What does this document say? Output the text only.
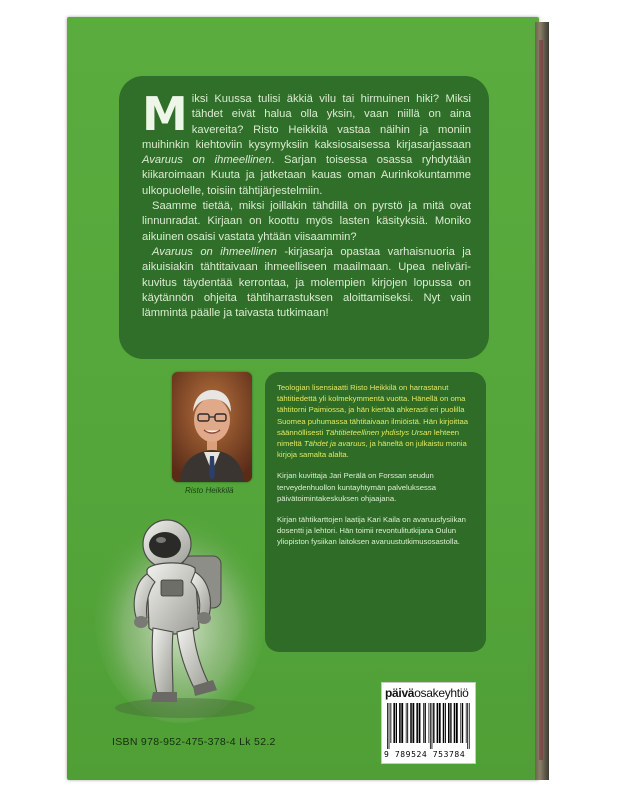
M iksi Kuussa tulisi äkkiä vilu tai hirmuinen hiki? Miksi tähdet eivät halua olla yksin, vaan niillä on aina kavereita? Risto Heikkilä vastaa näihin ja moniin muihinkin kiehtoviin kysymyksiin kaksiosaisessa kirjasarjassaan Avaruus on ihmeellinen. Sarjan toisessa osassa ryhdytään kiikaroimaan Kuuta ja jatketaan kauas oman Aurinkokuntamme ulkopuolelle, toisiin tähtijärjestelmiin.

Saamme tietää, miksi joillakin tähdillä on pyrstö ja mitä ovat linnunradat. Kirjaan on koottu myös lasten käsityksiä. Moniko aikuinen osaisi vastata yhtään viisaammin?

Avaruus on ihmeellinen -kirjasarja opastaa varhaisnuoria ja aikuisiakin tähtitaivaan ihmeelliseen maailmaan. Upea nelivärikuvitus täydentää kerrontaa, ja molempien kirjojen lopussa on käytännön ohjeita tähtiharrastuksen aloittamiseksi. Nyt vain lämmintä päälle ja taivasta tutkimaan!

Risto Heikkilä

Teologian lisensiaatti Risto Heikkilä on harrastanut tähtitiedettä yli kolmekymmentä vuotta. Hänellä on oma tähtitorni Paimiossa, ja hän kiertää ahkerasti eri puolilla Suomea puhumassa tähtitaivaan ilmiöistä. Hän kirjoittaa säännöllisesti Tähtitieteellinen yhdistys Ursan lehteen nimeltä Tähdet ja avaruus, ja häneltä on julkaistu monia kirjoja samalta alalta.

Kirjan kuvittaja Jari Perälä on Forssan seudun terveydenhuollon kuntayhtymän palveluksessa päivätoimintakeskuksen ohjaajana.

Kirjan tähtikarttojen laatija Kari Kaila on avaruusfysiikan dosentti ja lehtori. Hän toimii revontulitutkijana Oulun yliopiston fysiikan laitoksen avaruustutkimusosastolla.

ISBN 978-952-475-378-4 Lk 52.2
päiväosakeyhtiö
9 789524 753784
